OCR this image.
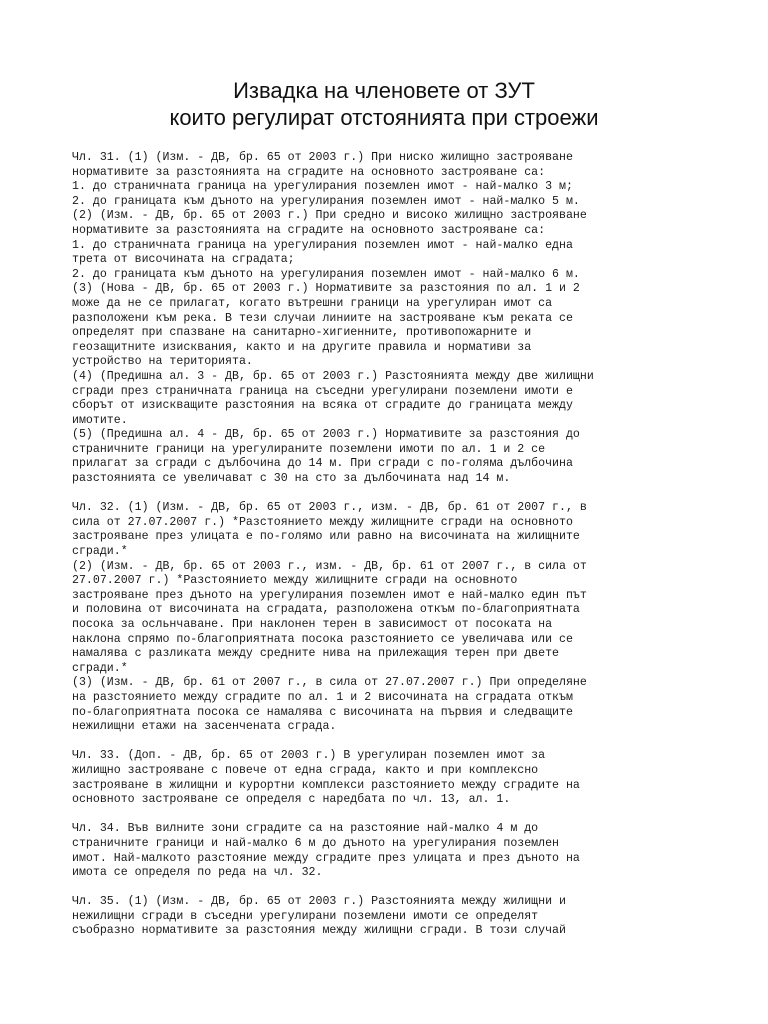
Извадка на членовете от ЗУТ
които регулират отстоянията при строежи
Чл. 31. (1) (Изм. - ДВ, бр. 65 от 2003 г.) При ниско жилищно застрояване
нормативите за разстоянията на сградите на основното застрояване са:
1. до страничната граница на урегулирания поземлен имот - най-малко 3 м;
2. до границата към дъното на урегулирания поземлен имот - най-малко 5 м.
(2) (Изм. - ДВ, бр. 65 от 2003 г.) При средно и високо жилищно застрояване
нормативите за разстоянията на сградите на основното застрояване са:
1. до страничната граница на урегулирания поземлен имот - най-малко една
трета от височината на сградата;
2. до границата към дъното на урегулирания поземлен имот - най-малко 6 м.
(3) (Нова - ДВ, бр. 65 от 2003 г.) Нормативите за разстояния по ал. 1 и 2
може да не се прилагат, когато вътрешни граници на урегулиран имот са
разположени към река. В тези случаи линиите на застрояване към реката се
определят при спазване на санитарно-хигиенните, противопожарните и
геозащитните изисквания, както и на другите правила и нормативи за
устройство на територията.
(4) (Предишна ал. 3 - ДВ, бр. 65 от 2003 г.) Разстоянията между две жилищни
сгради през страничната граница на съседни урегулирани поземлени имоти е
сборът от изискващите разстояния на всяка от сградите до границата между
имотите.
(5) (Предишна ал. 4 - ДВ, бр. 65 от 2003 г.) Нормативите за разстояния до
страничните граници на урегулираните поземлени имоти по ал. 1 и 2 се
прилагат за сгради с дълбочина до 14 м. При сгради с по-голяма дълбочина
разстоянията се увеличават с 30 на сто за дълбочината над 14 м.
Чл. 32. (1) (Изм. - ДВ, бр. 65 от 2003 г., изм. - ДВ, бр. 61 от 2007 г., в
сила от 27.07.2007 г.) *Разстоянието между жилищните сгради на основното
застрояване през улицата е по-голямо или равно на височината на жилищните
сгради.*
(2) (Изм. - ДВ, бр. 65 от 2003 г., изм. - ДВ, бр. 61 от 2007 г., в сила от
27.07.2007 г.) *Разстоянието между жилищните сгради на основното
застрояване през дъното на урегулирания поземлен имот е най-малко един път
и половина от височината на сградата, разположена откъм по-благоприятната
посока за осльнчаване. При наклонен терен в зависимост от посоката на
наклона спрямо по-благоприятната посока разстоянието се увеличава или се
намалява с разликата между средните нива на прилежащия терен при двете
сгради.*
(3) (Изм. - ДВ, бр. 61 от 2007 г., в сила от 27.07.2007 г.) При определяне
на разстоянието между сградите по ал. 1 и 2 височината на сградата откъм
по-благоприятната посока се намалява с височината на първия и следващите
нежилищни етажи на засенчената сграда.
Чл. 33. (Доп. - ДВ, бр. 65 от 2003 г.) В урегулиран поземлен имот за
жилищно застрояване с повече от една сграда, както и при комплексно
застрояване в жилищни и курортни комплекси разстоянието между сградите на
основното застрояване се определя с наредбата по чл. 13, ал. 1.
Чл. 34. Във вилните зони сградите са на разстояние най-малко 4 м до
страничните граници и най-малко 6 м до дъното на урегулирания поземлен
имот. Най-малкото разстояние между сградите през улицата и през дъното на
имота се определя по реда на чл. 32.
Чл. 35. (1) (Изм. - ДВ, бр. 65 от 2003 г.) Разстоянията между жилищни и
нежилищни сгради в съседни урегулирани поземлени имоти се определят
съобразно нормативите за разстояния между жилищни сгради. В този случай
